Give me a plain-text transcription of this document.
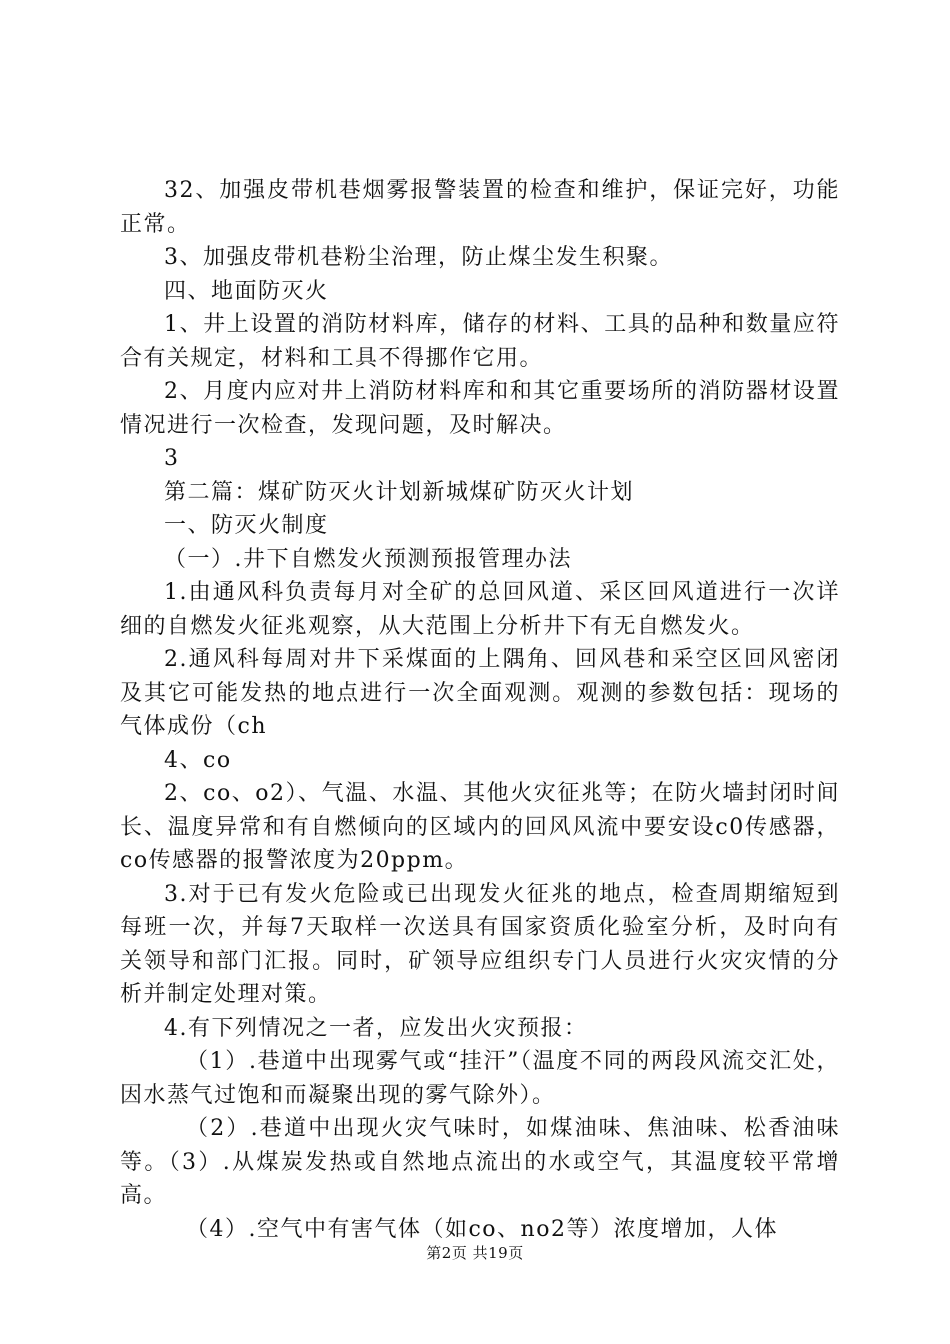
32、加强皮带机巷烟雾报警装置的检查和维护，保证完好，功能正常。

3、加强皮带机巷粉尘治理，防止煤尘发生积聚。

四、地面防灭火

1、井上设置的消防材料库，储存的材料、工具的品种和数量应符合有关规定，材料和工具不得挪作它用。

2、月度内应对井上消防材料库和和其它重要场所的消防器材设置情况进行一次检查，发现问题，及时解决。

3

第二篇：煤矿防灭火计划新城煤矿防灭火计划

一、防灭火制度

（一）.井下自燃发火预测预报管理办法

1.由通风科负责每月对全矿的总回风道、采区回风道进行一次详细的自燃发火征兆观察，从大范围上分析井下有无自燃发火。

2.通风科每周对井下采煤面的上隅角、回风巷和采空区回风密闭及其它可能发热的地点进行一次全面观测。观测的参数包括：现场的气体成份（ch

4、co

2、co、o2）、气温、水温、其他火灾征兆等；在防火墙封闭时间长、温度异常和有自燃倾向的区域内的回风风流中要安设c0传感器，co传感器的报警浓度为20ppm。

3.对于已有发火危险或已出现发火征兆的地点，检查周期缩短到每班一次，并每7天取样一次送具有国家资质化验室分析，及时向有关领导和部门汇报。同时，矿领导应组织专门人员进行火灾灾情的分析并制定处理对策。

4.有下列情况之一者，应发出火灾预报：

（1）.巷道中出现雾气或“挂汗”（温度不同的两段风流交汇处，因水蒸气过饱和而凝聚出现的雾气除外）。

（2）.巷道中出现火灾气味时，如煤油味、焦油味、松香油味等。（3）.从煤炭发热或自然地点流出的水或空气，其温度较平常增高。

（4）.空气中有害气体（如co、no2等）浓度增加，人体

第2页 共19页
